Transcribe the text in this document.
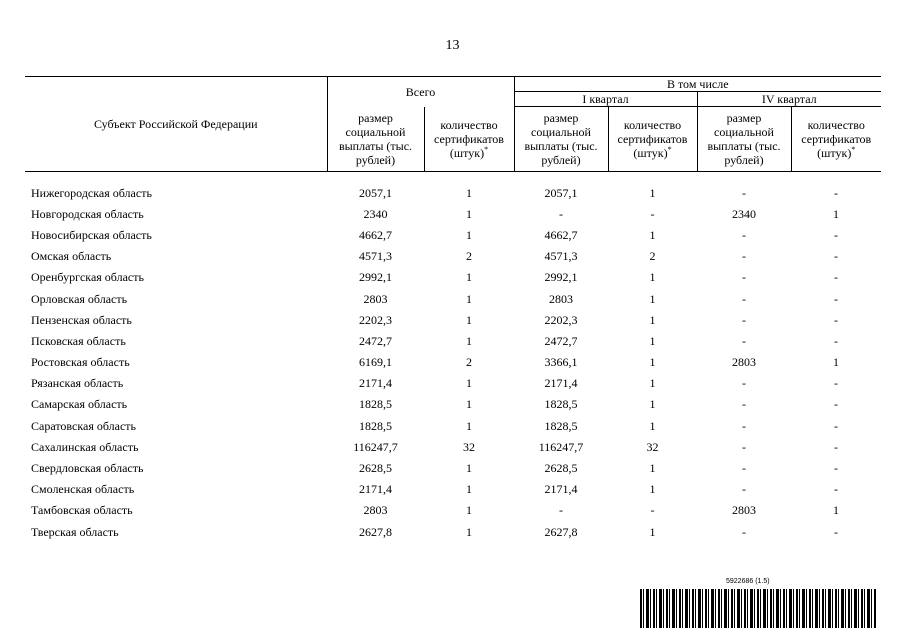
13
Субъект Российской Федерации	Всего		В том числе			
			I квартал		IV квартал	
	размер социальной выплаты (тыс. рублей)	количество сертификатов (штук)*	размер социальной выплаты (тыс. рублей)	количество сертификатов (штук)*	размер социальной выплаты (тыс. рублей)	количество сертификатов (штук)*

Нижегородская область	2057,1	1	2057,1	1	-	-
Новгородская область	2340	1	-	-	2340	1
Новосибирская область	4662,7	1	4662,7	1	-	-
Омская область	4571,3	2	4571,3	2	-	-
Оренбургская область	2992,1	1	2992,1	1	-	-
Орловская область	2803	1	2803	1	-	-
Пензенская область	2202,3	1	2202,3	1	-	-
Псковская область	2472,7	1	2472,7	1	-	-
Ростовская область	6169,1	2	3366,1	1	2803	1
Рязанская область	2171,4	1	2171,4	1	-	-
Самарская область	1828,5	1	1828,5	1	-	-
Саратовская область	1828,5	1	1828,5	1	-	-
Сахалинская область	116247,7	32	116247,7	32	-	-
Свердловская область	2628,5	1	2628,5	1	-	-
Смоленская область	2171,4	1	2171,4	1	-	-
Тамбовская область	2803	1	-	-	2803	1
Тверская область	2627,8	1	2627,8	1	-	-
5922686 (1.5)
